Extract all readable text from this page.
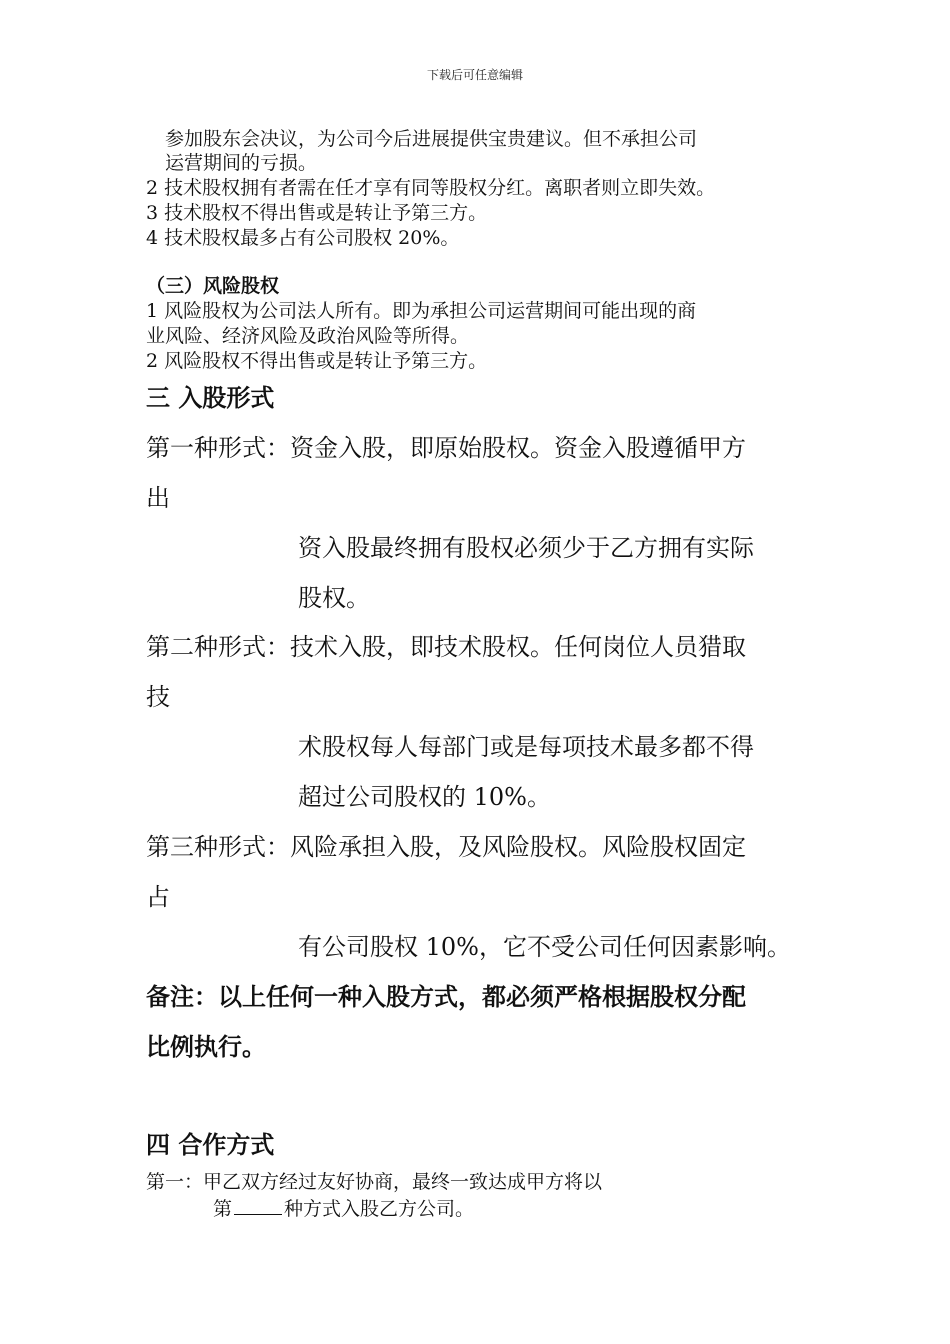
下载后可任意编辑
参加股东会决议，为公司今后进展提供宝贵建议。但不承担公司
运营期间的亏损。
2 技术股权拥有者需在任才享有同等股权分红。离职者则立即失效。
3 技术股权不得出售或是转让予第三方。
4 技术股权最多占有公司股权 20%。
（三）风险股权
1 风险股权为公司法人所有。即为承担公司运营期间可能出现的商
业风险、经济风险及政治风险等所得。
2 风险股权不得出售或是转让予第三方。
三 入股形式
第一种形式：资金入股，即原始股权。资金入股遵循甲方
出
资入股最终拥有股权必须少于乙方拥有实际
股权。
第二种形式：技术入股，即技术股权。任何岗位人员猎取
技
术股权每人每部门或是每项技术最多都不得
超过公司股权的 10%。
第三种形式：风险承担入股，及风险股权。风险股权固定
占
有公司股权 10%，它不受公司任何因素影响。
备注：以上任何一种入股方式，都必须严格根据股权分配
比例执行。
四 合作方式
第一：甲乙双方经过友好协商，最终一致达成甲方将以
第	种方式入股乙方公司。
